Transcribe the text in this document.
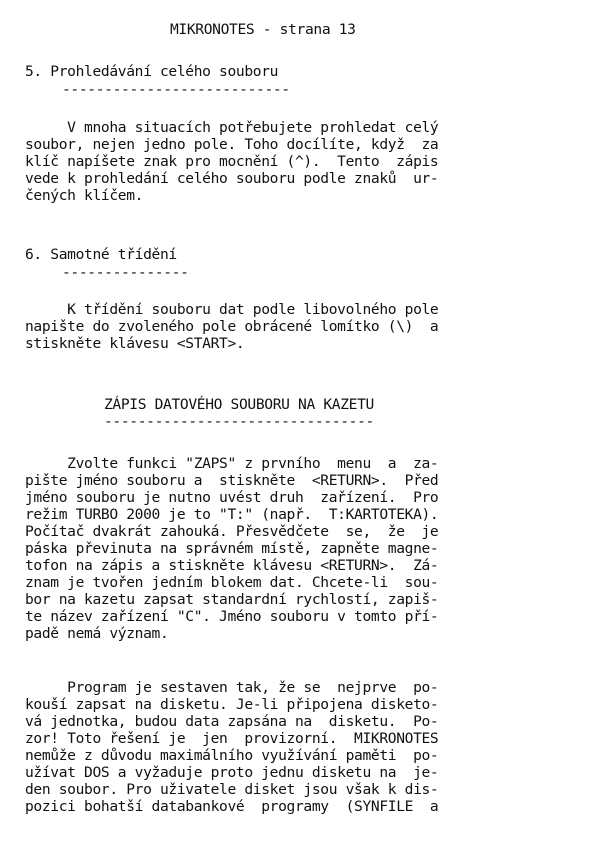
MIKRONOTES - strana 13
5. Prohledávání celého souboru
---------------------------
V mnoha situacích potřebujete prohledat celý
soubor, nejen jedno pole. Toho docílíte, když  za
klíč napíšete znak pro mocnění (^).  Tento  zápis
vede k prohledání celého souboru podle znaků  ur-
čených klíčem.
6. Samotné třídění
---------------
K třídění souboru dat podle libovolného pole
napište do zvoleného pole obrácené lomítko (\)  a
stiskněte klávesu <START>.
ZÁPIS DATOVÉHO SOUBORU NA KAZETU
--------------------------------
Zvolte funkci "ZAPS" z prvního  menu  a  za-
pište jméno souboru a  stiskněte  <RETURN>.  Před
jméno souboru je nutno uvést druh  zařízení.  Pro
režim TURBO 2000 je to "T:" (např.  T:KARTOTEKA).
Počítač dvakrát zahouká. Přesvědčete  se,  že  je
páska převinuta na správném místě, zapněte magne-
tofon na zápis a stiskněte klávesu <RETURN>.  Zá-
znam je tvořen jedním blokem dat. Chcete-li  sou-
bor na kazetu zapsat standardní rychlostí, zapiš-
te název zařízení "C". Jméno souboru v tomto pří-
padě nemá význam.
Program je sestaven tak, že se  nejprve  po-
kouší zapsat na disketu. Je-li připojena disketo-
vá jednotka, budou data zapsána na  disketu.  Po-
zor! Toto řešení je  jen  provizorní.  MIKRONOTES
nemůže z důvodu maximálního využívání paměti  po-
užívat DOS a vyžaduje proto jednu disketu na  je-
den soubor. Pro uživatele disket jsou však k dis-
pozici bohatší databankové  programy  (SYNFILE  a
